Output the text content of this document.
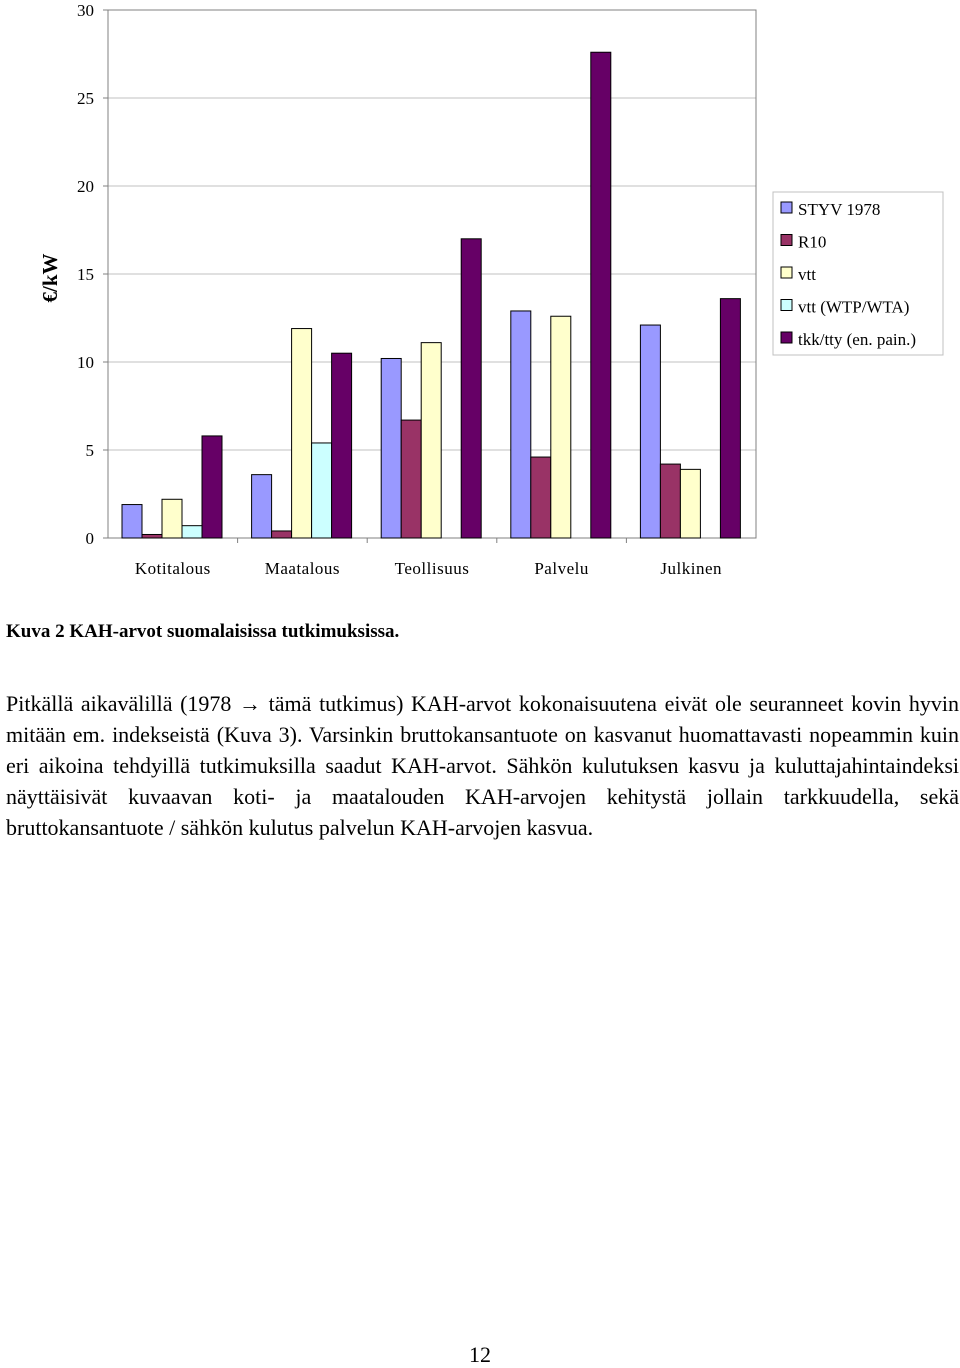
0
5
10
15
20
25
30
Kotitalous	Maatalous	Teollisuus	Palvelu	Julkinen
€/kW
STYV 1978
R10
vtt
vtt (WTP/WTA)
tkk/tty (en. pain.)

Kuva 2 KAH-arvot suomalaisissa tutkimuksissa.

Pitkällä aikavälillä (1978 → tämä tutkimus) KAH-arvot kokonaisuutena eivät ole seuranneet kovin hyvin mitään em. indekseistä (Kuva 3). Varsinkin bruttokansantuote on kasvanut huomattavasti nopeammin kuin eri aikoina tehdyillä tutkimuksilla saadut KAH-arvot. Sähkön kulutuksen kasvu ja kuluttajahintaindeksi näyttäisivät kuvaavan koti- ja maatalouden KAH-arvojen kehitystä jollain tarkkuudella, sekä bruttokansantuote / sähkön kulutus palvelun KAH-arvojen kasvua.

12
